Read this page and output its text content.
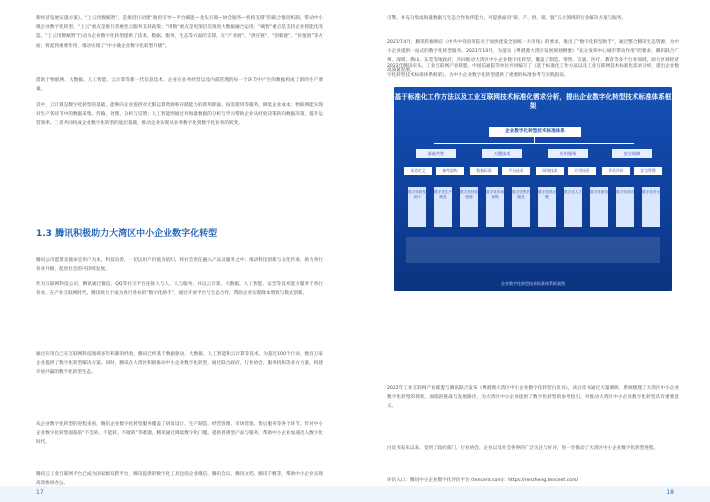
新经济发展实施方案》、“上云用数赋智”，是推进行动建“政府引导—平台赋能—龙头引领—协会服务—机构支撑”的联合推进机制，带动中小微企业数字化转型。“上云”重点是推行普惠性云服务支持政策；“用数”重点是更深层次推进大数据融合运用；“赋智”重点是支持企业智能化改造。“上云用数赋智”行动为企业数字化转型提供了技术、数据、服务、生态等方面的支撑，在“产业链”、“供应链”、“创新链”、“价值链”等方面，将起到重要作用，推动实现了“中小微企业数字化转型升级”。

借助于物联网、大数据、人工智能、云计算等新一代信息技术，企业在业务经营以及内部管理的每一个环节中产生的数据构成了新的生产要素。

其中，云计算是数字化转型的基础，能够向企业提供对无限运算资源和存储能力的即用即取、按需使用等服务，降低企业成本；物联网能实现对生产各环节中的数据采集、传输、处理、分析与反馈；人工智能则通过对海量数据的分析与学习帮助企业从经验决策转向数据决策，提升运营效率。三者共同构成企业数字化转型的底层基础，推动企业实现从业务数字化到数字化业务的转变。

1.3 腾讯积极助力大湾区中小企业数字化转型

腾讯公司愿景及使命是用户为本，科技向善，一切以用户价值为依归，将社会责任融入产品及服务之中；推动科技创新与文化传承，助力各行各业升级，促进社会的可持续发展。

作为互联网科技公司，腾讯通过微信、QQ等社交平台连接人与人、人与服务，并以云计算、大数据、人工智能、安全等技术能力服务于各行各业。在产业互联网时代，腾讯致力于成为各行各业的“数字化助手”，通过开放平台与生态合作，帮助企业实现降本增效与模式创新。

通过应用自己在互联网科技领域多年积累的经验，腾讯已经基于数据驱动、大数据、人工智能和云计算等技术，为超过100个行业、数百万家企业提供了数字化转型解决方案。同时，腾讯在大湾区积极推动中小企业数字化转型，通过联合政府、行业协会、服务机构等多方力量，构建开放共赢的数字化转型生态。

从企业数字化转型的进程来看，腾讯企业数字化转型服务覆盖了研发设计、生产制造、经营管理、市场营销、售后服务等各个环节。针对中小企业数字化转型面临的“不会转、不能转、不敢转”等难题，腾讯通过降低数字化门槛、提供普惠型产品与服务，帮助中小企业加速迈入数字化时代。

腾讯云工业互联网平台已成为国家级双跨平台，腾讯提供的数字化工具包括企业微信、腾讯会议、腾讯文档、腾讯千帆等，帮助中小企业实现高效协同办公。

17

引擎，并充分集成海量数据与生态合作伙伴能力，可提供面向“研、产、供、销、服”五大领域的行业解决方案与服务。

2021年4月，腾讯积极响应《中共中央国务院关于加快建设全国统一大市场》的要求，推出了“数字化转型助手”，通过整合腾讯生态资源，为中小企业提供一站式的数字化转型服务。2021年10月，为落实《粤港澳大湾区发展规划纲要》“充分发挥中心城市带动作用”的要求，腾讯联合广州、深圳、佛山、东莞等地政府，共同推动大湾区中小企业数字化转型，覆盖了制造、零售、交通、医疗、教育等多个行业领域，助力区域经济高质量发展。

2022年腾讯牵头，工业互联网产业联盟、中国信通院等单位共同编写了《基于标准化工作方法以及工业互联网技术标准化需求分析，提出企业数字化转型技术标准体系框架》，为中小企业数字化转型提供了重要的标准参考与实践指南。

基于标准化工作方法以及工业互联网技术标准化需求分析，提出企业数字化转型技术标准体系框架
企业数字化转型技术标准体系
基础共性	关键技术	应用服务	安全保障
术语定义	参考架构	数据标准	平台技术	网络技术	应用场景	评估评价	安全管理
数字化研发设计
数字化生产制造
数字化经营管理
数字化市场营销
数字化售后服务
数字化供应链
数字化人才 数字化财务 数字化协同 数字化安全
企业数字化转型技术标准体系框架图

2022年工业互联网产业联盟与腾讯联合发布《粤港澳大湾区中小企业数字化转型白皮书》，该白皮书通过大量调研，系统梳理了大湾区中小企业数字化转型的现状、面临的挑战与发展路径，为大湾区中小企业提供了数字化转型的参考指引，对推动大湾区中小企业数字化转型具有重要意义。

白皮书发布以来，受到了政府部门、行业协会、企业以及社会各界的广泛关注与好评，进一步推动了大湾区中小企业数字化转型进程。

评估入口：腾讯中小企业数字化评估平台 (tencent.com)：https://renzheng.tencent.com/

18
